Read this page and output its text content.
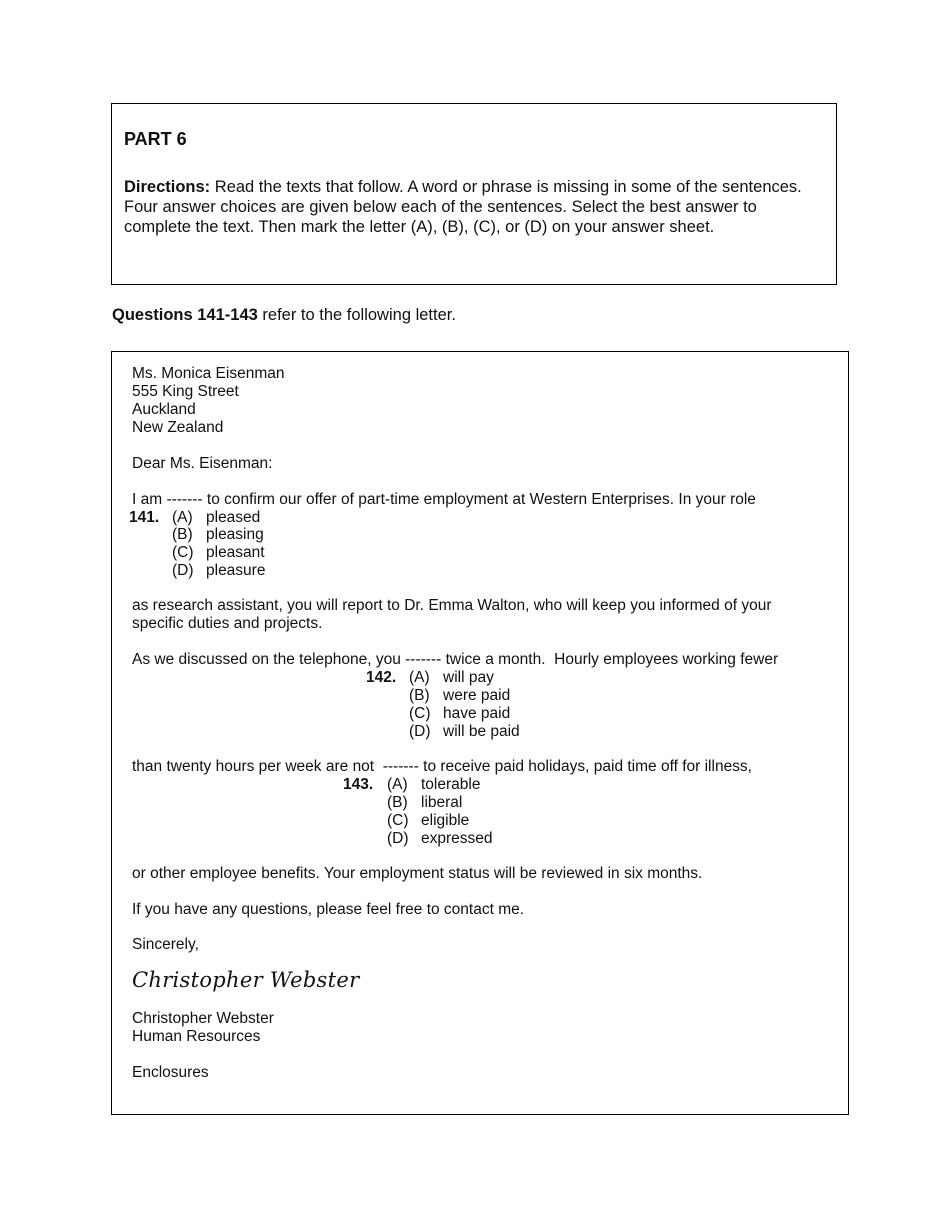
PART 6
Directions: Read the texts that follow. A word or phrase is missing in some of the sentences. Four answer choices are given below each of the sentences. Select the best answer to complete the text. Then mark the letter (A), (B), (C), or (D) on your answer sheet.
Questions 141-143 refer to the following letter.
Ms. Monica Eisenman
555 King Street
Auckland
New Zealand
Dear Ms. Eisenman:
I am ------- to confirm our offer of part-time employment at Western Enterprises. In your role
141. (A) pleased
(B) pleasing
(C) pleasant
(D) pleasure
as research assistant, you will report to Dr. Emma Walton, who will keep you informed of your
specific duties and projects.
As we discussed on the telephone, you ------- twice a month.  Hourly employees working fewer
142. (A) will pay
(B) were paid
(C) have paid
(D) will be paid
than twenty hours per week are not  ------- to receive paid holidays, paid time off for illness,
143. (A) tolerable
(B) liberal
(C) eligible
(D) expressed
or other employee benefits. Your employment status will be reviewed in six months.
If you have any questions, please feel free to contact me.
Sincerely,
Christopher Webster
Christopher Webster
Human Resources
Enclosures
